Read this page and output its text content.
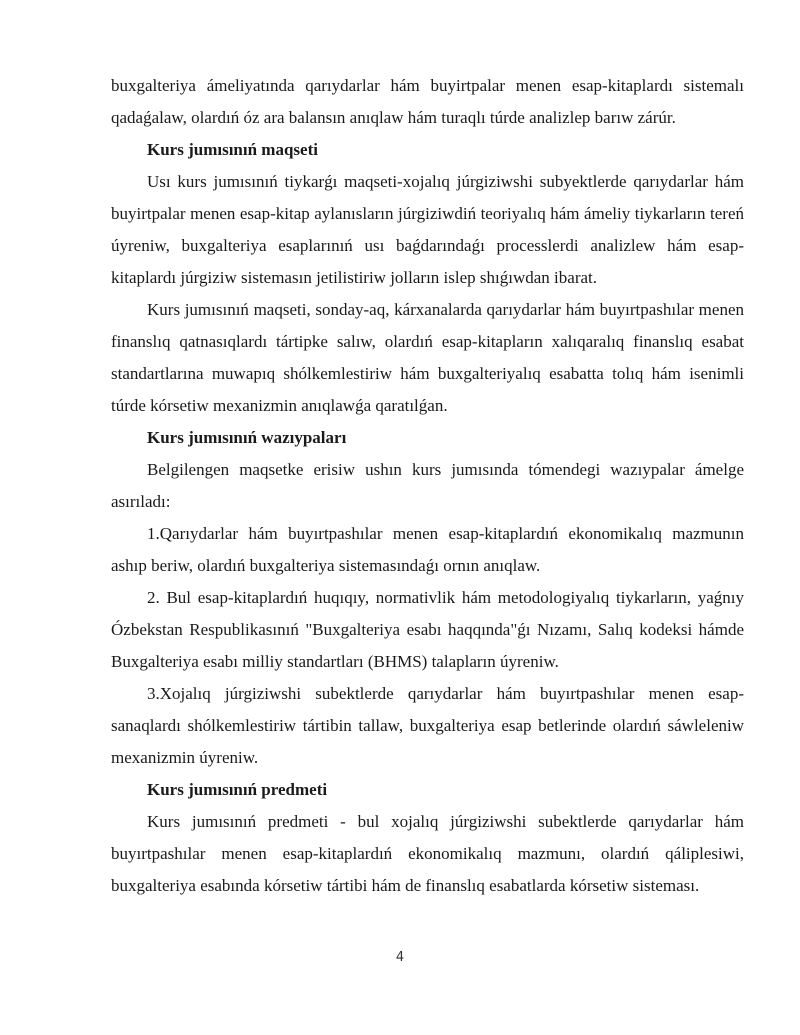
buxgalteriya ámeliyatında qarıydarlar hám buyirtpalar menen esap-kitaplardı sistemalı qadaǵalaw, olardıń óz ara balansın anıqlaw hám turaqlı túrde analizlep barıw zárúr.

Kurs jumısınıń maqseti

Usı kurs jumısınıń tiykarǵı maqseti-xojalıq júrgiziwshi subyektlerde qarıydarlar hám buyirtpalar menen esap-kitap aylanısların júrgiziwdiń teoriyalıq hám ámeliy tiykarların tereń úyreniw, buxgalteriya esaplarınıń usı baǵdarındaǵı processlerdi analizlew hám esap-kitaplardı júrgiziw sistemasın jetilistiriw jolların islep shıǵıwdan ibarat.

Kurs jumısınıń maqseti, sonday-aq, kárxanalarda qarıydarlar hám buyırtpashılar menen finanslıq qatnasıqlardı tártipke salıw, olardıń esap-kitapların xalıqaralıq finanslıq esabat standartlarına muwapıq shólkemlestiriw hám buxgalteriyalıq esabatta tolıq hám isenimli túrde kórsetiw mexanizmin anıqlawǵa qaratılǵan.

Kurs jumısınıń wazıypaları

Belgilengen maqsetke erisiw ushın kurs jumısında tómendegi wazıypalar ámelge asırıladı:

1.Qarıydarlar hám buyırtpashılar menen esap-kitaplardıń ekonomikalıq mazmunın ashıp beriw, olardıń buxgalteriya sistemasındaǵı ornın anıqlaw.

2. Bul esap-kitaplardıń huqıqıy, normativlik hám metodologiyalıq tiykarların, yaǵnıy Ózbekstan Respublikasınıń "Buxgalteriya esabı haqqında"ǵı Nızamı, Salıq kodeksi hámde Buxgalteriya esabı milliy standartları (BHMS) talapların úyreniw.

3.Xojalıq júrgiziwshi subektlerde qarıydarlar hám buyırtpashılar menen esap-sanaqlardı shólkemlestiriw tártibin tallaw, buxgalteriya esap betlerinde olardıń sáwleleniw mexanizmin úyreniw.

Kurs jumısınıń predmeti

Kurs jumısınıń predmeti - bul xojalıq júrgiziwshi subektlerde qarıydarlar hám buyırtpashılar menen esap-kitaplardıń ekonomikalıq mazmunı, olardıń qáliplesiwi, buxgalteriya esabında kórsetiw tártibi hám de finanslıq esabatlarda kórsetiw sisteması.

4
